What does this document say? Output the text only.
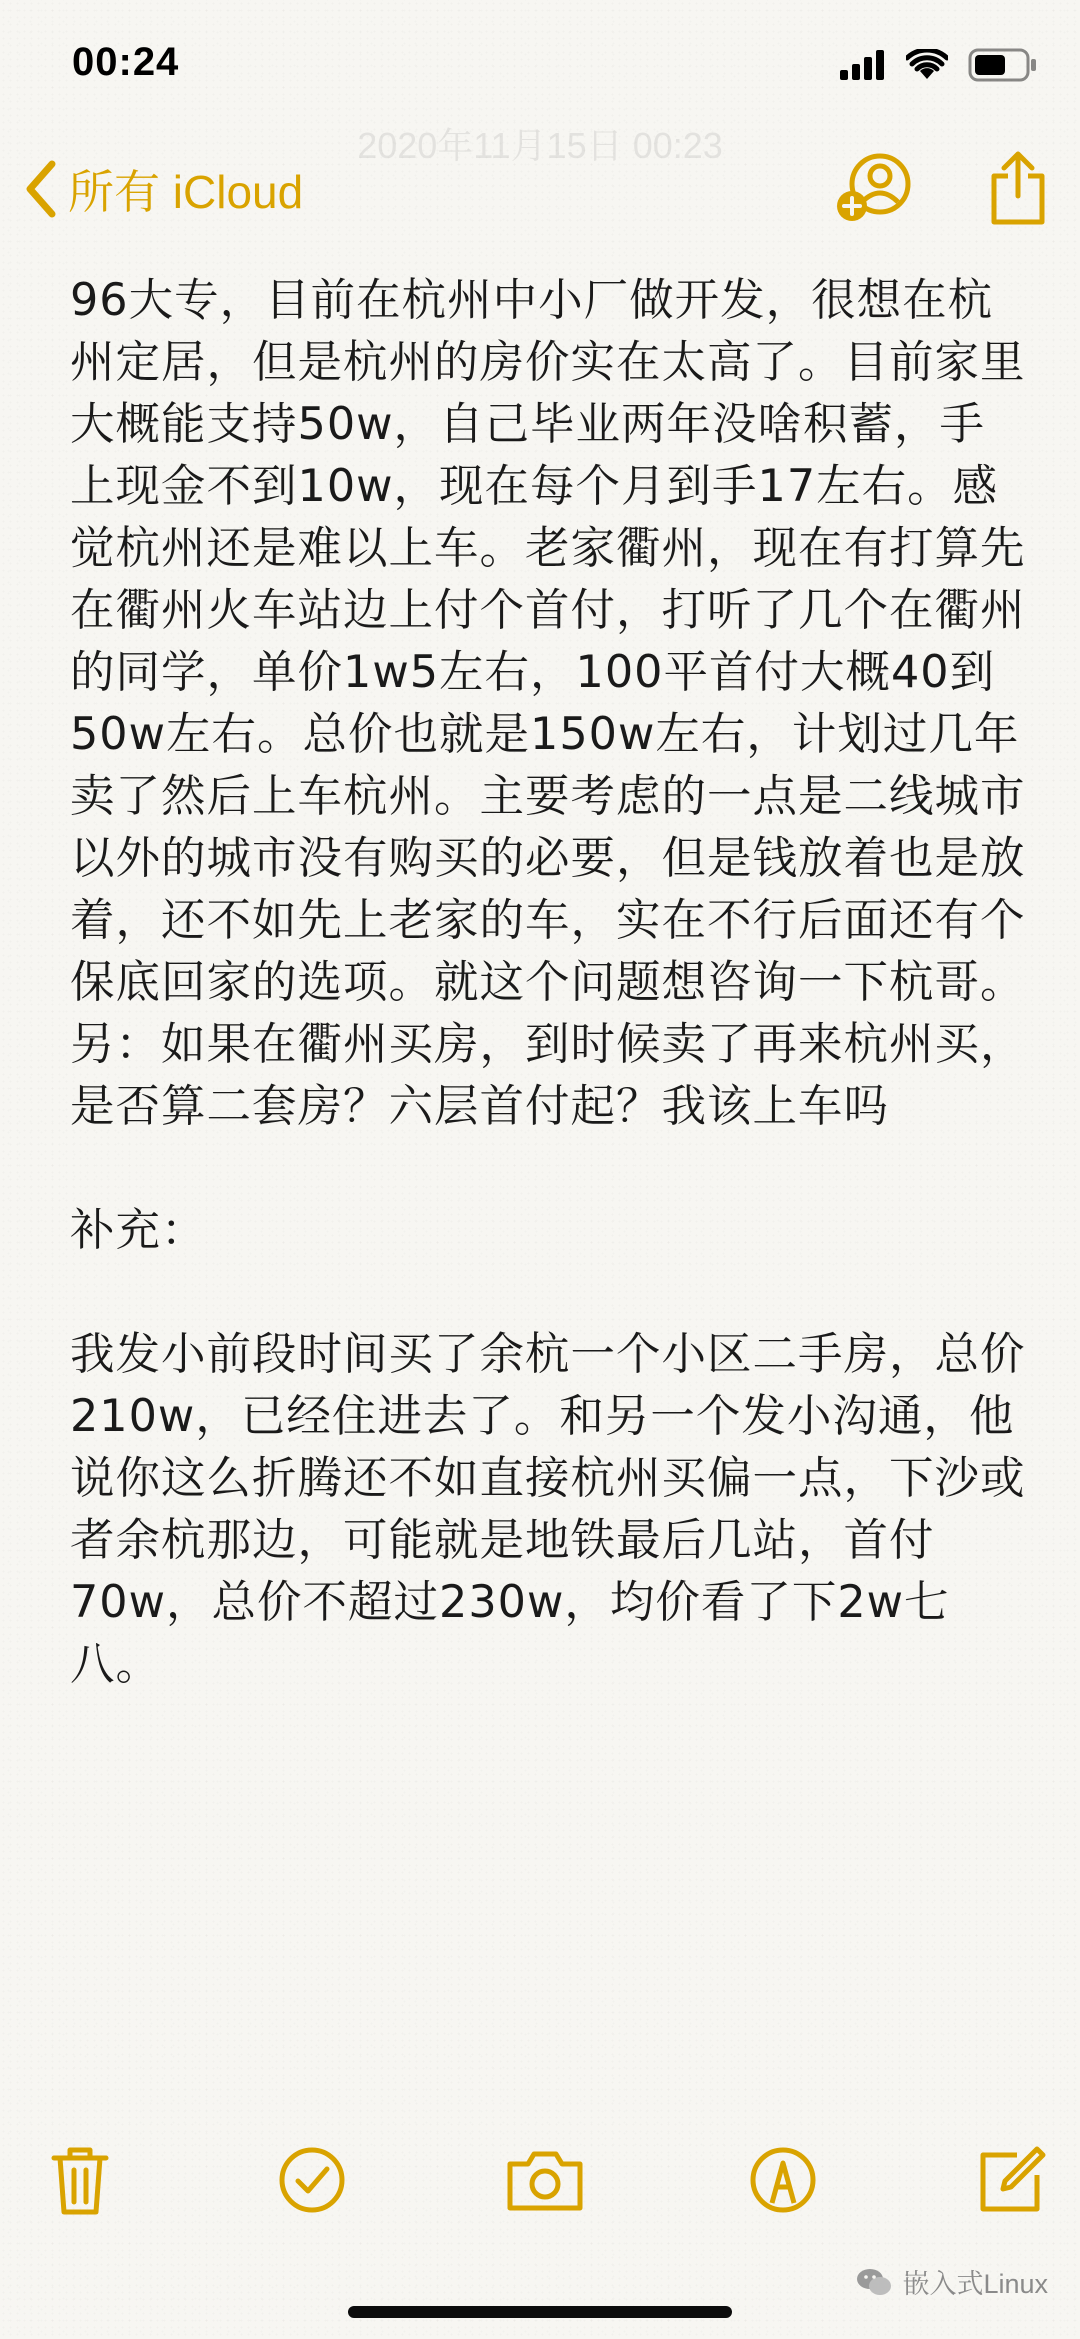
00:24
2020年11月15日 00:23
所有 iCloud

96大专，目前在杭州中小厂做开发，很想在杭州定居，但是杭州的房价实在太高了。目前家里大概能支持50w，自己毕业两年没啥积蓄，手上现金不到10w，现在每个月到手17左右。感觉杭州还是难以上车。老家衢州，现在有打算先在衢州火车站边上付个首付，打听了几个在衢州的同学，单价1w5左右，100平首付大概40到50w左右。总价也就是150w左右，计划过几年卖了然后上车杭州。主要考虑的一点是二线城市以外的城市没有购买的必要，但是钱放着也是放着，还不如先上老家的车，实在不行后面还有个保底回家的选项。就这个问题想咨询一下杭哥。另：如果在衢州买房，到时候卖了再来杭州买，是否算二套房？六层首付起？我该上车吗

补充：

我发小前段时间买了余杭一个小区二手房，总价210w，已经住进去了。和另一个发小沟通，他说你这么折腾还不如直接杭州买偏一点，下沙或者余杭那边，可能就是地铁最后几站，首付70w，总价不超过230w，均价看了下2w七八。

嵌入式Linux
